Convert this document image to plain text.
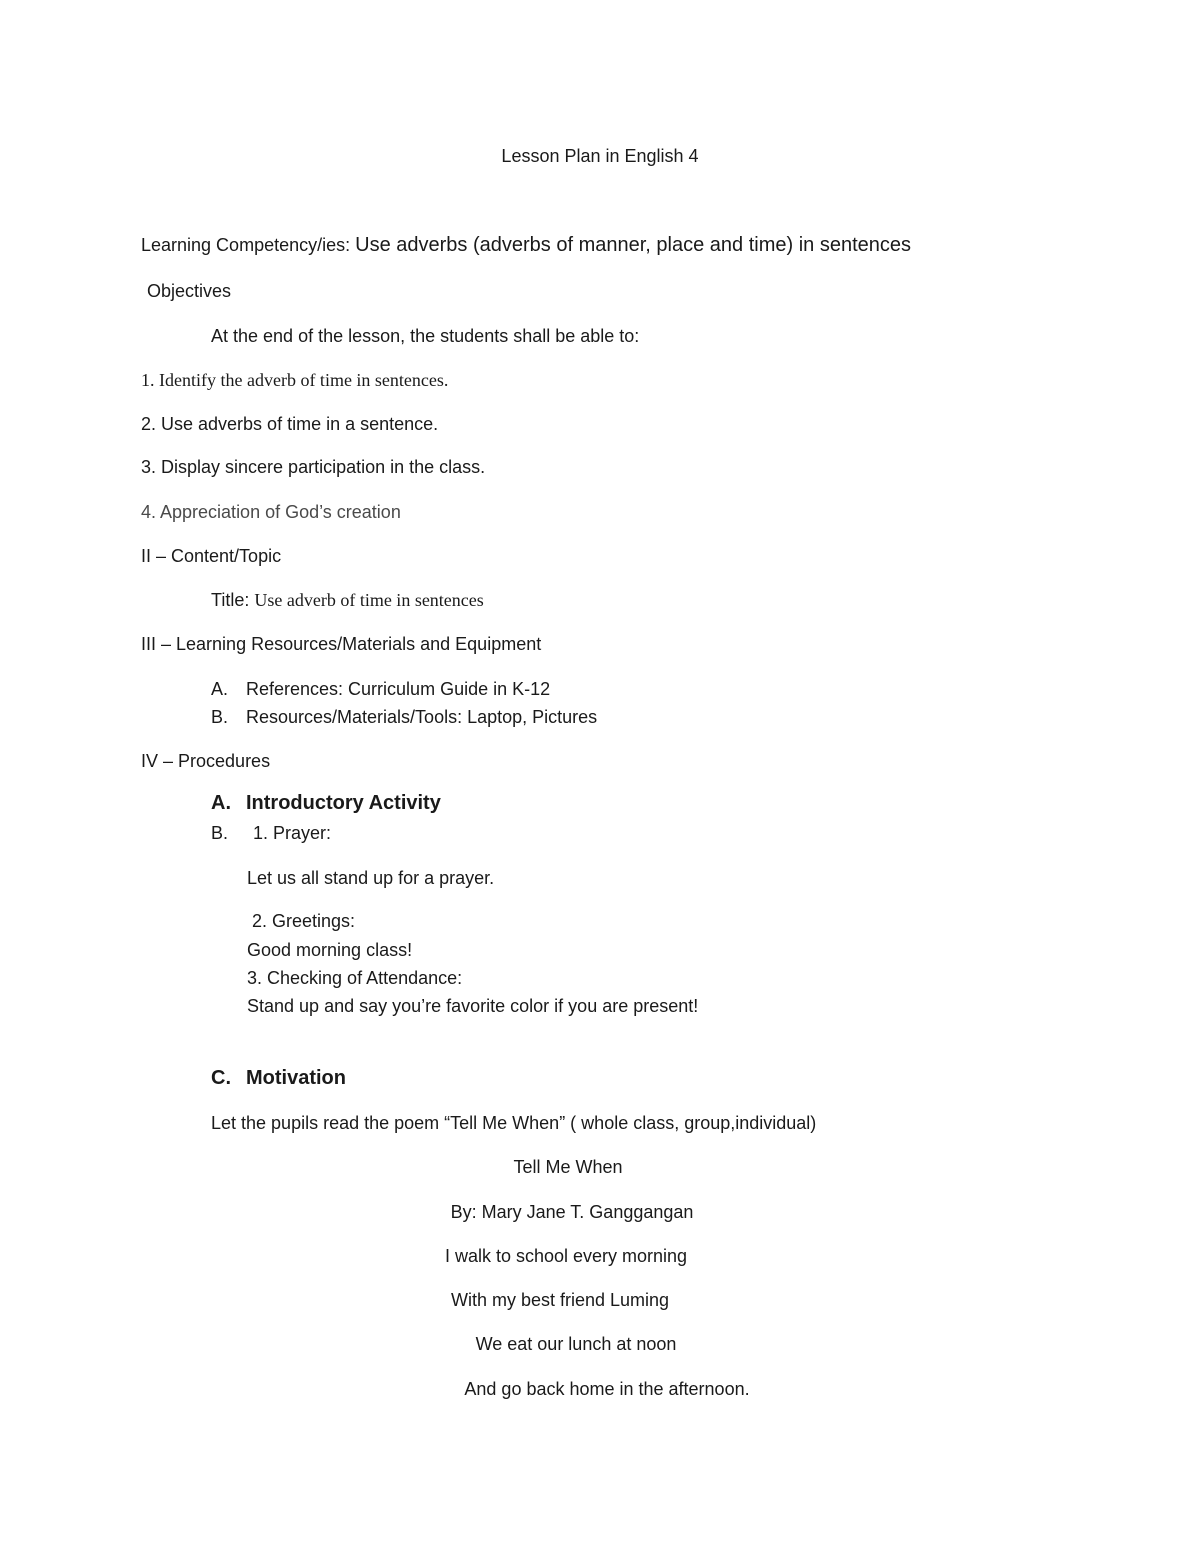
Lesson Plan in English 4
Learning Competency/ies: Use adverbs (adverbs of manner, place and time) in sentences
Objectives
At the end of the lesson, the students shall be able to:
1. Identify the adverb of time in sentences.
2. Use adverbs of time in a sentence.
3. Display sincere participation in the class.
4. Appreciation of God’s creation
II – Content/Topic
Title: Use adverb of time in sentences
III – Learning Resources/Materials and Equipment
A. References: Curriculum Guide in K-12
B. Resources/Materials/Tools: Laptop, Pictures
IV – Procedures
A. Introductory Activity
B. 1. Prayer:
Let us all stand up for a prayer.
2. Greetings:
Good morning class!
3. Checking of Attendance:
Stand up and say you’re favorite color if you are present!
C. Motivation
Let the pupils read the poem “Tell Me When” ( whole class, group,individual)
Tell Me When
By: Mary Jane T. Ganggangan
I walk to school every morning
With my best friend Luming
We eat our lunch at noon
And go back home in the afternoon.
